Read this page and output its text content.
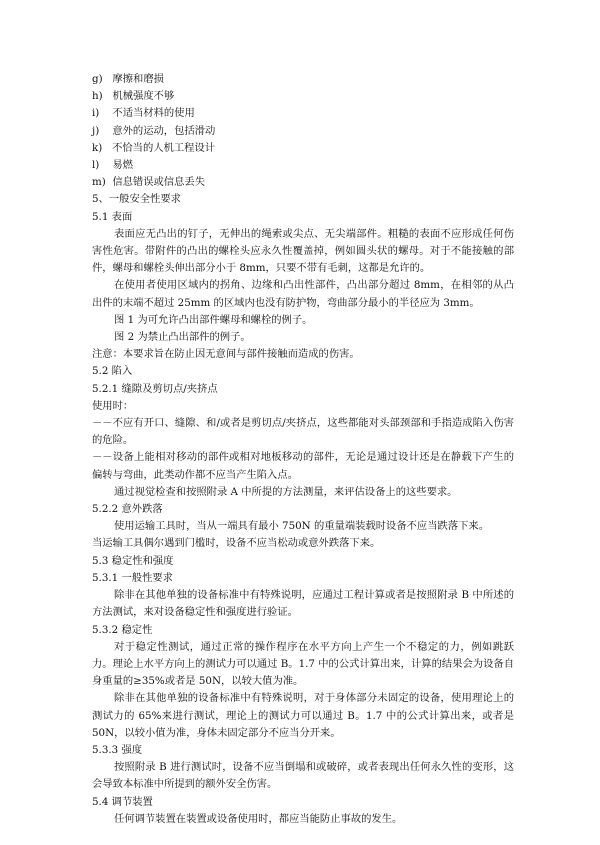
g) 摩擦和磨损
h) 机械强度不够
i) 不适当材料的使用
j) 意外的运动，包括滑动
k) 不恰当的人机工程设计
l) 易燃
m) 信息错误或信息丢失
5、一般安全性要求
5.1 表面
表面应无凸出的钉子，无伸出的绳索或尖点、无尖端部件。粗糙的表面不应形成任何伤害性危害。带附件的凸出的螺栓头应永久性覆盖掉，例如圆头状的螺母。对于不能接触的部件，螺母和螺栓头伸出部分小于 8mm，只要不带有毛刺，这都是允许的。
在使用者使用区域内的拐角、边缘和凸出性部件，凸出部分超过 8mm，在相邻的从凸出件的末端不超过 25mm 的区域内也没有防护物，弯曲部分最小的半径应为 3mm。
图 1 为可允许凸出部件螺母和螺栓的例子。
图 2 为禁止凸出部件的例子。
注意：本要求旨在防止因无意间与部件接触而造成的伤害。
5.2 陷入
5.2.1 缝隙及剪切点/夹挤点
使用时：
－－不应有开口、缝隙、和/或者是剪切点/夹挤点，这些都能对头部颈部和手指造成陷入伤害的危险。
－－设备上能相对移动的部件或相对地板移动的部件，无论是通过设计还是在静载下产生的偏转与弯曲，此类动作都不应当产生陷入点。
通过视觉检查和按照附录 A 中所提的方法测量，来评估设备上的这些要求。
5.2.2 意外跌落
使用运输工具时，当从一端具有最小 750N 的重量端装载时设备不应当跌落下来。
当运输工具偶尔遇到门槛时，设备不应当松动或意外跌落下来。
5.3 稳定性和强度
5.3.1 一般性要求
除非在其他单独的设备标准中有特殊说明，应通过工程计算或者是按照附录 B 中所述的方法测试，来对设备稳定性和强度进行验证。
5.3.2 稳定性
对于稳定性测试，通过正常的操作程序在水平方向上产生一个不稳定的力，例如跳跃力。理论上水平方向上的测试力可以通过 B。1.7 中的公式计算出来，计算的结果会为设备自身重量的≥35%或者是 50N，以较大值为准。
除非在其他单独的设备标准中有特殊说明，对于身体部分未固定的设备，使用理论上的测试力的 65%来进行测试，理论上的测试力可以通过 B。1.7 中的公式计算出来，或者是 50N，以较小值为准，身体未固定部分不应当分开来。
5.3.3 强度
按照附录 B 进行测试时，设备不应当倒塌和或破碎，或者表现出任何永久性的变形，这会导致本标准中所提到的额外安全伤害。
5.4 调节装置
任何调节装置在装置或设备使用时，都应当能防止事故的发生。
